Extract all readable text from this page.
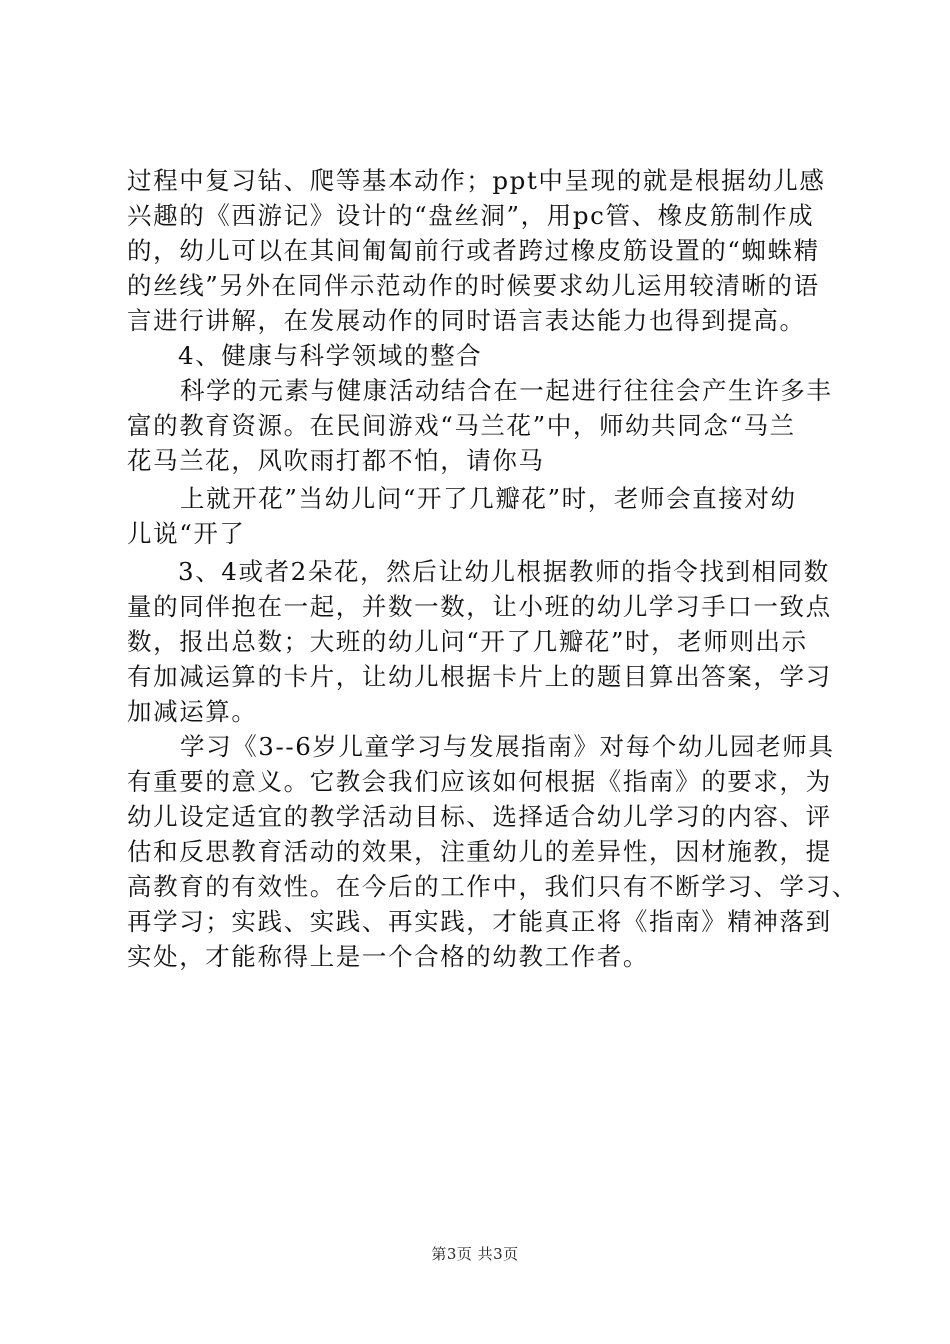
过程中复习钻、爬等基本动作；ppt中呈现的就是根据幼儿感
兴趣的《西游记》设计的“盘丝洞”，用pc管、橡皮筋制作成
的，幼儿可以在其间匍匐前行或者跨过橡皮筋设置的“蜘蛛精
的丝线”另外在同伴示范动作的时候要求幼儿运用较清晰的语
言进行讲解，在发展动作的同时语言表达能力也得到提高。
4、健康与科学领域的整合
科学的元素与健康活动结合在一起进行往往会产生许多丰
富的教育资源。在民间游戏“马兰花”中，师幼共同念“马兰
花马兰花，风吹雨打都不怕，请你马
上就开花”当幼儿问“开了几瓣花”时，老师会直接对幼
儿说“开了
3、4或者2朵花，然后让幼儿根据教师的指令找到相同数
量的同伴抱在一起，并数一数，让小班的幼儿学习手口一致点
数，报出总数；大班的幼儿问“开了几瓣花”时，老师则出示
有加减运算的卡片，让幼儿根据卡片上的题目算出答案，学习
加减运算。
学习《3--6岁儿童学习与发展指南》对每个幼儿园老师具
有重要的意义。它教会我们应该如何根据《指南》的要求，为
幼儿设定适宜的教学活动目标、选择适合幼儿学习的内容、评
估和反思教育活动的效果，注重幼儿的差异性，因材施教，提
高教育的有效性。在今后的工作中，我们只有不断学习、学习、
再学习；实践、实践、再实践，才能真正将《指南》精神落到
实处，才能称得上是一个合格的幼教工作者。
第3页 共3页
